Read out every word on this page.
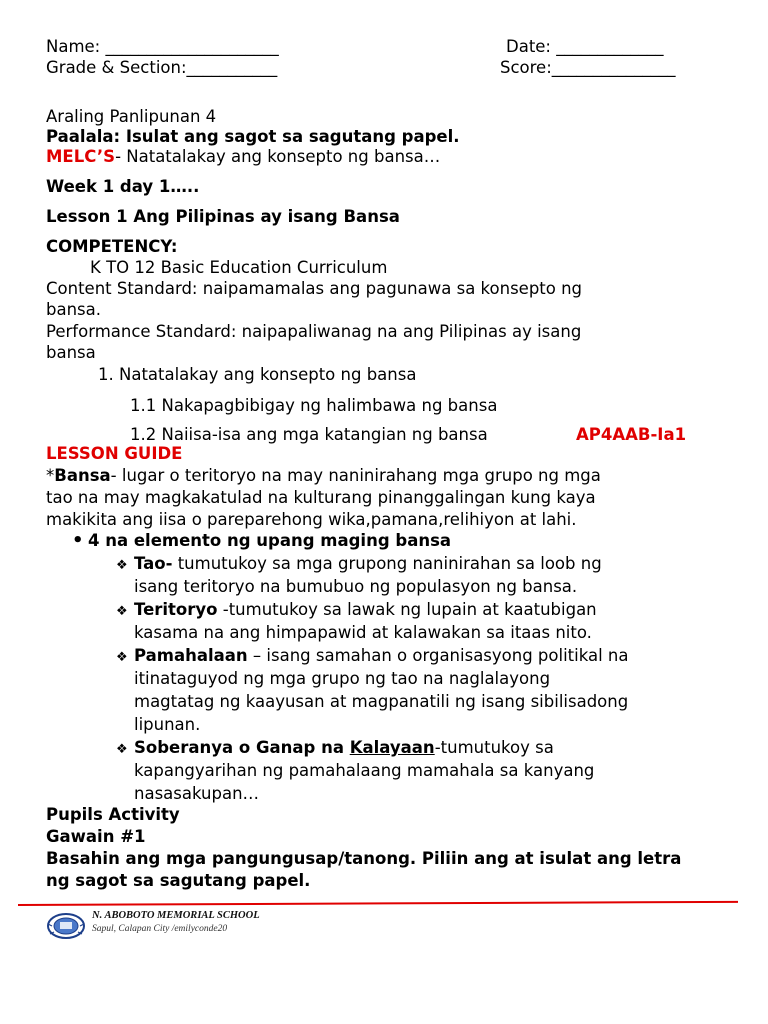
Name: _____________________	Date: _____________
Grade & Section:___________	Score:_______________
Araling Panlipunan 4
Paalala: Isulat ang sagot sa sagutang papel.
MELC’S- Natatalakay ang konsepto ng bansa…
Week 1 day 1…..
Lesson 1 Ang Pilipinas ay isang Bansa
COMPETENCY:
K TO 12 Basic Education Curriculum
Content Standard: naipamamalas ang pagunawa sa konsepto ng
bansa.
Performance Standard: naipapaliwanag na ang Pilipinas ay isang
bansa
1. Natatalakay ang konsepto ng bansa
1.1 Nakapagbibigay ng halimbawa ng bansa
1.2 Naiisa-isa ang mga katangian ng bansa	AP4AAB-Ia1
LESSON GUIDE
*Bansa- lugar o teritoryo na may naninirahang mga grupo ng mga
tao na may magkakatulad na kulturang pinanggalingan kung kaya
makikita ang iisa o pareparehong wika,pamana,relihiyon at lahi.
• 4 na elemento ng upang maging bansa
❖ Tao- tumutukoy sa mga grupong naninirahan sa loob ng
isang teritoryo na bumubuo ng populasyon ng bansa.
❖ Teritoryo -tumutukoy sa lawak ng lupain at kaatubigan
kasama na ang himpapawid at kalawakan sa itaas nito.
❖ Pamahalaan – isang samahan o organisasyong politikal na
itinataguyod ng mga grupo ng tao na naglalayong
magtatag ng kaayusan at magpanatili ng isang sibilisadong
lipunan.
❖ Soberanya o Ganap na Kalayaan-tumutukoy sa
kapangyarihan ng pamahalaang mamahala sa kanyang
nasasakupan…
Pupils Activity
Gawain #1
Basahin ang mga pangungusap/tanong. Piliin ang at isulat ang letra
ng sagot sa sagutang papel.
N. ABOBOTO MEMORIAL SCHOOL
Sapul, Calapan City /emilyconde20
